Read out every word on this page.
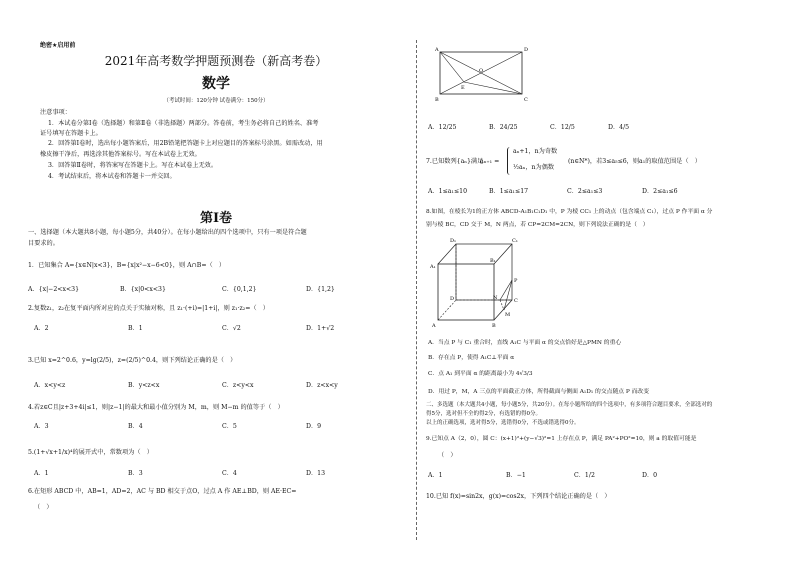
绝密★启用前
2021年高考数学押题预测卷（新高考卷）
数学
（考试时间：120分钟 试卷满分：150分）
注意事项：
1．本试卷分第Ⅰ卷（选择题）和第Ⅱ卷（非选择题）两部分。答卷前，考生务必将自己的姓名、准考
证号填写在答题卡上。
2．回答第Ⅰ卷时，选出每小题答案后，用2B铅笔把答题卡上对应题目的答案标号涂黑。如需改动，用
橡皮擦干净后，再选涂其他答案标号。写在本试卷上无效。
3．回答第Ⅱ卷时，将答案写在答题卡上。写在本试卷上无效。
4．考试结束后，将本试卷和答题卡一并交回。
第Ⅰ卷
一、选择题（本大题共8小题，每小题5分，共40分）。在每小题给出的四个选项中，只有一项是符合题
目要求的。
1．已知集合 A={x∈N|x<3}，B={x|x²−x−6<0}，则 A∩B=（　）
A．{x|−2<x<3}	B．{x|0<x<3}	C．{0,1,2}	D．{1,2}
2.复数z₁，z₂在复平面内所对应的点关于实轴对称，且 z₁·(+i)=|1+i|，则 z₁·z₂=（　）
A．2	B．1	C．√2	D．1+√2
3.已知 x=2^0.6，y=lg(2/5)，z=(2/5)^0.4，则下列结论正确的是（　）
A．x<y<z	B．y<z<x	C．z<y<x	D．z<x<y
4.若z∈C且|z+3+4i|≤1，则|z−1|的最大和最小值分别为 M，m，则 M−m 的值等于（　）
A．3	B．4	C．5	D．9
5.(1+√x+1/x)⁴的展开式中，常数项为（　）
A．1	B．3	C．4	D．13
6.在矩形 ABCD 中，AB=1，AD=2，AC 与 BD 相交于点O，过点 A 作 AE⊥BD，则 AE·EC=
（　）
A	D
O
B
E
C
A．12/25	B．24/25	C．12/5	D．4/5
7.已知数列{aₙ}满足
aₙ₊₁ =
aₙ+1，n为奇数
½aₙ，n为偶数
(n∈N*)，若3≤a₅≤6，则a₁的取值范围是（　）
A．1≤a₁≤10	B．1≤a₁≤17	C．2≤a₁≤3	D．2≤a₁≤6
8.如图，在棱长为1的正方体 ABCD-A₁B₁C₁D₁ 中，P 为棱 CC₁ 上的动点（包含端点 C₁），过点 P 作平面 α 分
别与棱 BC，CD 交于 M，N 两点，若 CP=2CM=2CN，则下列说法正确的是（　）
D₁	C₁
A₁
B₁
P
D	N	C
M
A	B
A．当点 P 与 C₁ 重合时，直线 A₁C 与平面 α 的交点恰好是△PMN 的重心
B．存在点 P，使得 A₁C⊥平面 α
C．点 A₁ 到平面 α 的距离最小为 4√3/3
D．用过 P，M，A 三点的平面截正方体，所得截面与侧面 A₁D₁ 的交点随点 P 而改变
二、多选题（本大题共4小题，每小题5分，共20分）。在每小题所给的四个选项中，有多项符合题目要求，全部选对的
得5分，选对但不全的得2分，有选错的得0分。
以上的正确选项，选对得5分，选错得0分，不选或错选得0分。
9.已知点 A（2，0），圆 C：(x+1)²+(y−√3)²=1 上存在点 P，满足 PA²+PO²=10，则 a 的取值可能是
（　）
A．1	B．−1	C．1/2	D．0
10.已知 f(x)=sin2x，g(x)=cos2x，下列四个结论正确的是（　）
